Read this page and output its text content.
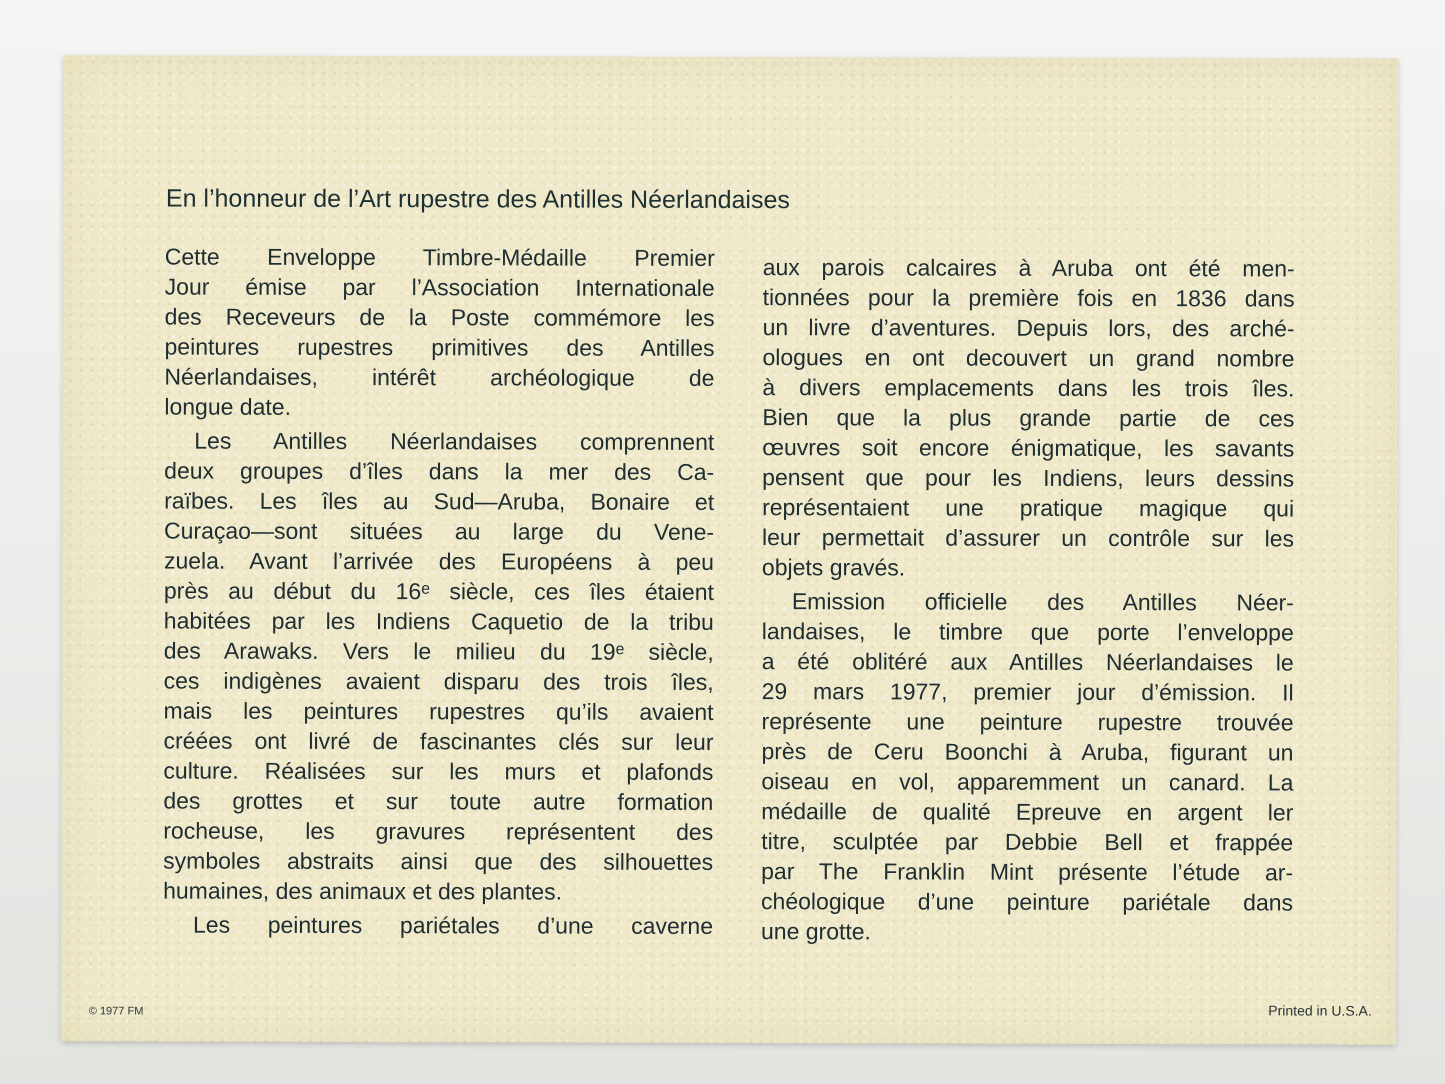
En l’honneur de l’Art rupestre des Antilles Néerlandaises
Cette Enveloppe Timbre-Médaille Premier
Jour émise par l’Association Internationale
des Receveurs de la Poste commémore les
peintures rupestres primitives des Antilles
Néerlandaises, intérêt archéologique de
longue date.
Les Antilles Néerlandaises comprennent
deux groupes d’îles dans la mer des Ca-
raïbes. Les îles au Sud—Aruba, Bonaire et
Curaçao—sont situées au large du Vene-
zuela. Avant l’arrivée des Européens à peu
près au début du 16ᵉ siècle, ces îles étaient
habitées par les Indiens Caquetio de la tribu
des Arawaks. Vers le milieu du 19ᵉ siècle,
ces indigènes avaient disparu des trois îles,
mais les peintures rupestres qu’ils avaient
créées ont livré de fascinantes clés sur leur
culture. Réalisées sur les murs et plafonds
des grottes et sur toute autre formation
rocheuse, les gravures représentent des
symboles abstraits ainsi que des silhouettes
humaines, des animaux et des plantes.
Les peintures pariétales d’une caverne
aux parois calcaires à Aruba ont été men-
tionnées pour la première fois en 1836 dans
un livre d’aventures. Depuis lors, des arché-
ologues en ont decouvert un grand nombre
à divers emplacements dans les trois îles.
Bien que la plus grande partie de ces
œuvres soit encore énigmatique, les savants
pensent que pour les Indiens, leurs dessins
représentaient une pratique magique qui
leur permettait d’assurer un contrôle sur les
objets gravés.
Emission officielle des Antilles Néer-
landaises, le timbre que porte l’enveloppe
a été oblitéré aux Antilles Néerlandaises le
29 mars 1977, premier jour d’émission. Il
représente une peinture rupestre trouvée
près de Ceru Boonchi à Aruba, figurant un
oiseau en vol, apparemment un canard. La
médaille de qualité Epreuve en argent ler
titre, sculptée par Debbie Bell et frappée
par The Franklin Mint présente l’étude ar-
chéologique d’une peinture pariétale dans
une grotte.
© 1977 FM	Printed in U.S.A.
